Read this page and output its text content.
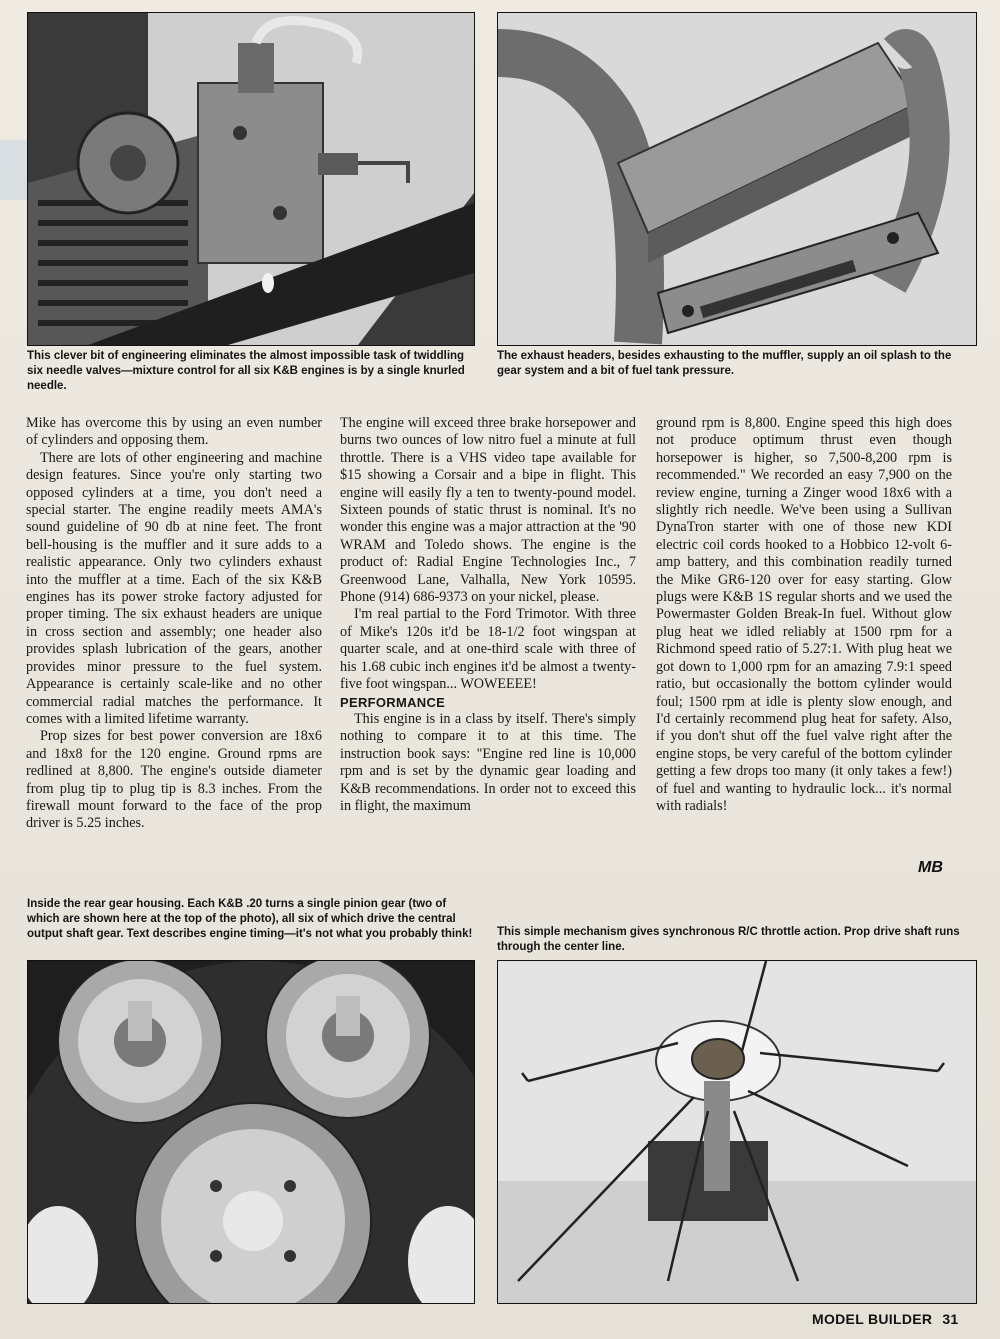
This clever bit of engineering eliminates the almost impossible task of twiddling six needle valves—mixture control for all six K&B engines is by a single knurled needle.

The exhaust headers, besides exhausting to the muffler, supply an oil splash to the gear system and a bit of fuel tank pressure.

Mike has overcome this by using an even number of cylinders and opposing them.

There are lots of other engineering and machine design features. Since you're only starting two opposed cylinders at a time, you don't need a special starter. The engine readily meets AMA's sound guideline of 90 db at nine feet. The front bell-housing is the muffler and it sure adds to a realistic appearance. Only two cylinders exhaust into the muffler at a time. Each of the six K&B engines has its power stroke factory adjusted for proper timing. The six exhaust headers are unique in cross section and assembly; one header also provides splash lubrication of the gears, another provides minor pressure to the fuel system. Appearance is certainly scale-like and no other commercial radial matches the performance. It comes with a limited lifetime warranty.

Prop sizes for best power conversion are 18x6 and 18x8 for the 120 engine. Ground rpms are redlined at 8,800. The engine's outside diameter from plug tip to plug tip is 8.3 inches. From the firewall mount forward to the face of the prop driver is 5.25 inches.

The engine will exceed three brake horsepower and burns two ounces of low nitro fuel a minute at full throttle. There is a VHS video tape available for $15 showing a Corsair and a bipe in flight. This engine will easily fly a ten to twenty-pound model. Sixteen pounds of static thrust is nominal. It's no wonder this engine was a major attraction at the '90 WRAM and Toledo shows. The engine is the product of: Radial Engine Technologies Inc., 7 Greenwood Lane, Valhalla, New York 10595. Phone (914) 686-9373 on your nickel, please.

I'm real partial to the Ford Trimotor. With three of Mike's 120s it'd be 18-1/2 foot wingspan at quarter scale, and at one-third scale with three of his 1.68 cubic inch engines it'd be almost a twenty-five foot wingspan... WOWEEEE!

PERFORMANCE

This engine is in a class by itself. There's simply nothing to compare it to at this time. The instruction book says: "Engine red line is 10,000 rpm and is set by the dynamic gear loading and K&B recommendations. In order not to exceed this in flight, the maximum

ground rpm is 8,800. Engine speed this high does not produce optimum thrust even though horsepower is higher, so 7,500-8,200 rpm is recommended." We recorded an easy 7,900 on the review engine, turning a Zinger wood 18x6 with a slightly rich needle. We've been using a Sullivan DynaTron starter with one of those new KDI electric coil cords hooked to a Hobbico 12-volt 6-amp battery, and this combination readily turned the Mike GR6-120 over for easy starting. Glow plugs were K&B 1S regular shorts and we used the Powermaster Golden Break-In fuel. Without glow plug heat we idled reliably at 1500 rpm for a Richmond speed ratio of 5.27:1. With plug heat we got down to 1,000 rpm for an amazing 7.9:1 speed ratio, but occasionally the bottom cylinder would foul; 1500 rpm at idle is plenty slow enough, and I'd certainly recommend plug heat for safety. Also, if you don't shut off the fuel valve right after the engine stops, be very careful of the bottom cylinder getting a few drops too many (it only takes a few!) of fuel and wanting to hydraulic lock... it's normal with radials!

MB

Inside the rear gear housing. Each K&B .20 turns a single pinion gear (two of which are shown here at the top of the photo), all six of which drive the central output shaft gear. Text describes engine timing—it's not what you probably think! This simple mechanism gives synchronous R/C throttle action. Prop drive shaft runs through the center line.

MODEL BUILDER 31
